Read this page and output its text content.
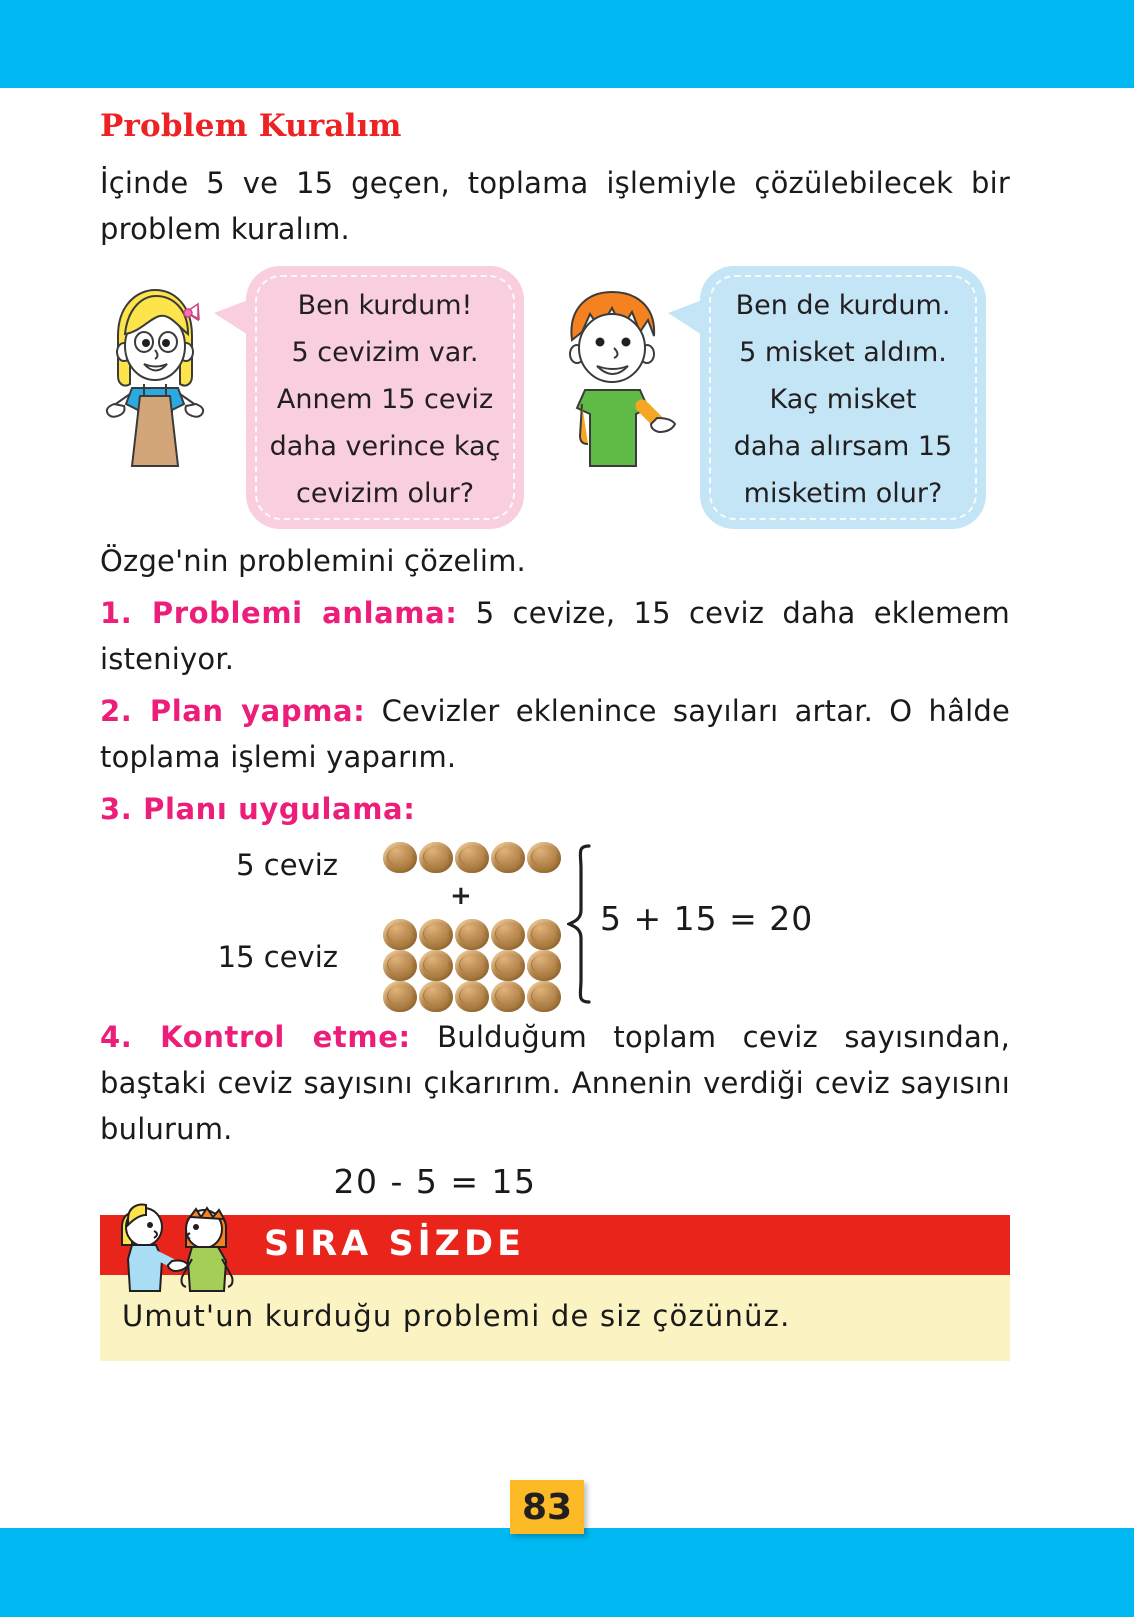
Problem Kuralım

İçinde 5 ve 15 geçen, toplama işlemiyle çözülebilecek bir problem kuralım.

Ben kurdum!
5 cevizim var.
Annem 15 ceviz
daha verince kaç
cevizim olur?
Ben de kurdum.
5 misket aldım.
Kaç misket
daha alırsam 15
misketim olur?

Özge'nin problemini çözelim.

1. Problemi anlama: 5 cevize, 15 ceviz daha eklemem isteniyor.

2. Plan yapma: Cevizler eklenince sayıları artar. O hâlde toplama işlemi yaparım.

3. Planı uygulama:

5 ceviz
15 ceviz
+
5 + 15 = 20

4. Kontrol etme: Bulduğum toplam ceviz sayısından, baştaki ceviz sayısını çıkarırım. Annenin verdiği ceviz sayısını bulurum.

20 - 5 = 15
SIRA SİZDE
Umut'un kurduğu problemi de siz çözünüz.
83
